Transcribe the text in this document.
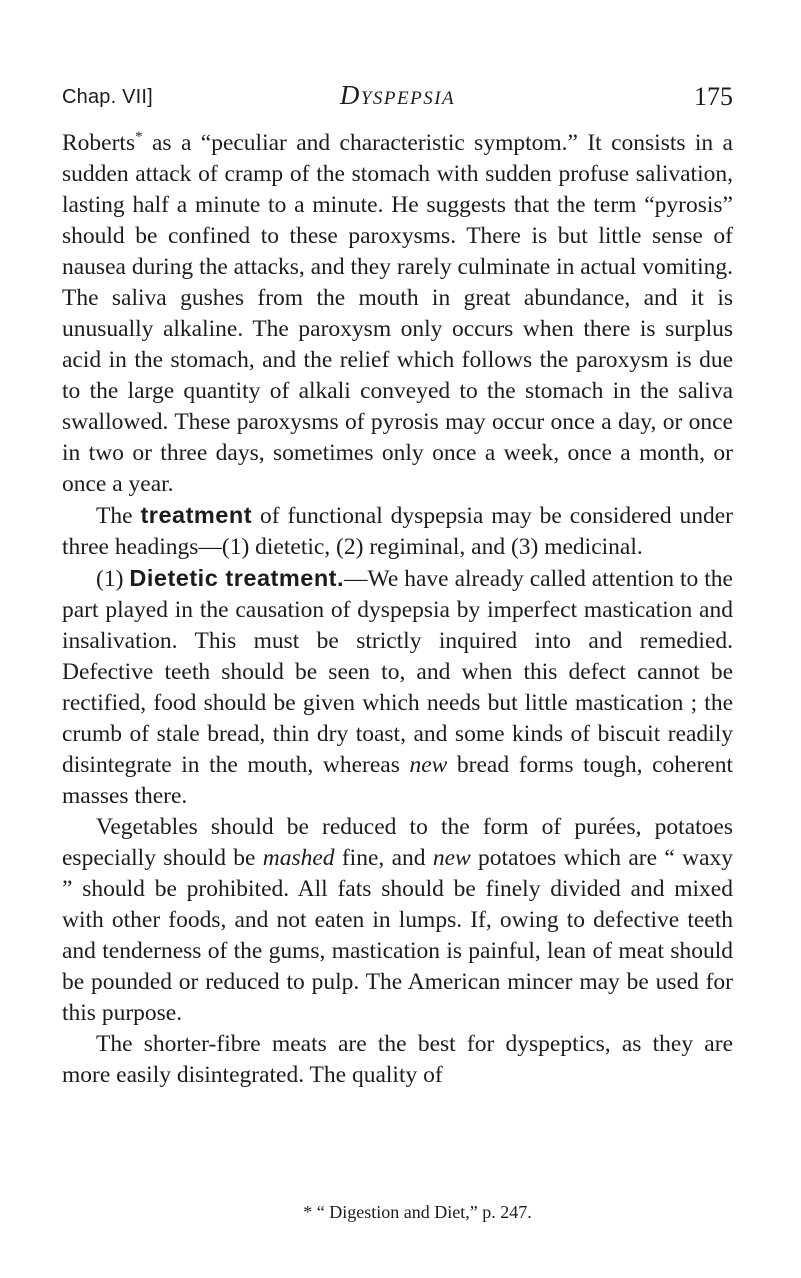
Chap. VII]	Dyspepsia	175

Roberts* as a “peculiar and characteristic symptom.” It consists in a sudden attack of cramp of the stomach with sudden profuse salivation, lasting half a minute to a minute. He suggests that the term “pyrosis” should be confined to these paroxysms. There is but little sense of nausea during the attacks, and they rarely culminate in actual vomiting. The saliva gushes from the mouth in great abundance, and it is unusually alkaline. The paroxysm only occurs when there is surplus acid in the stomach, and the relief which follows the paroxysm is due to the large quantity of alkali conveyed to the stomach in the saliva swallowed. These paroxysms of pyrosis may occur once a day, or once in two or three days, sometimes only once a week, once a month, or once a year.

The treatment of functional dyspepsia may be considered under three headings—(1) dietetic, (2) regiminal, and (3) medicinal.

(1) Dietetic treatment.—We have already called attention to the part played in the causation of dyspepsia by imperfect mastication and insalivation. This must be strictly inquired into and remedied. Defective teeth should be seen to, and when this defect cannot be rectified, food should be given which needs but little mastication ; the crumb of stale bread, thin dry toast, and some kinds of biscuit readily disintegrate in the mouth, whereas new bread forms tough, coherent masses there.

Vegetables should be reduced to the form of purées, potatoes especially should be mashed fine, and new potatoes which are “ waxy ” should be prohibited. All fats should be finely divided and mixed with other foods, and not eaten in lumps. If, owing to defective teeth and tenderness of the gums, mastication is painful, lean of meat should be pounded or reduced to pulp. The American mincer may be used for this purpose.

The shorter-fibre meats are the best for dyspeptics, as they are more easily disintegrated. The quality of

* “ Digestion and Diet,” p. 247.
